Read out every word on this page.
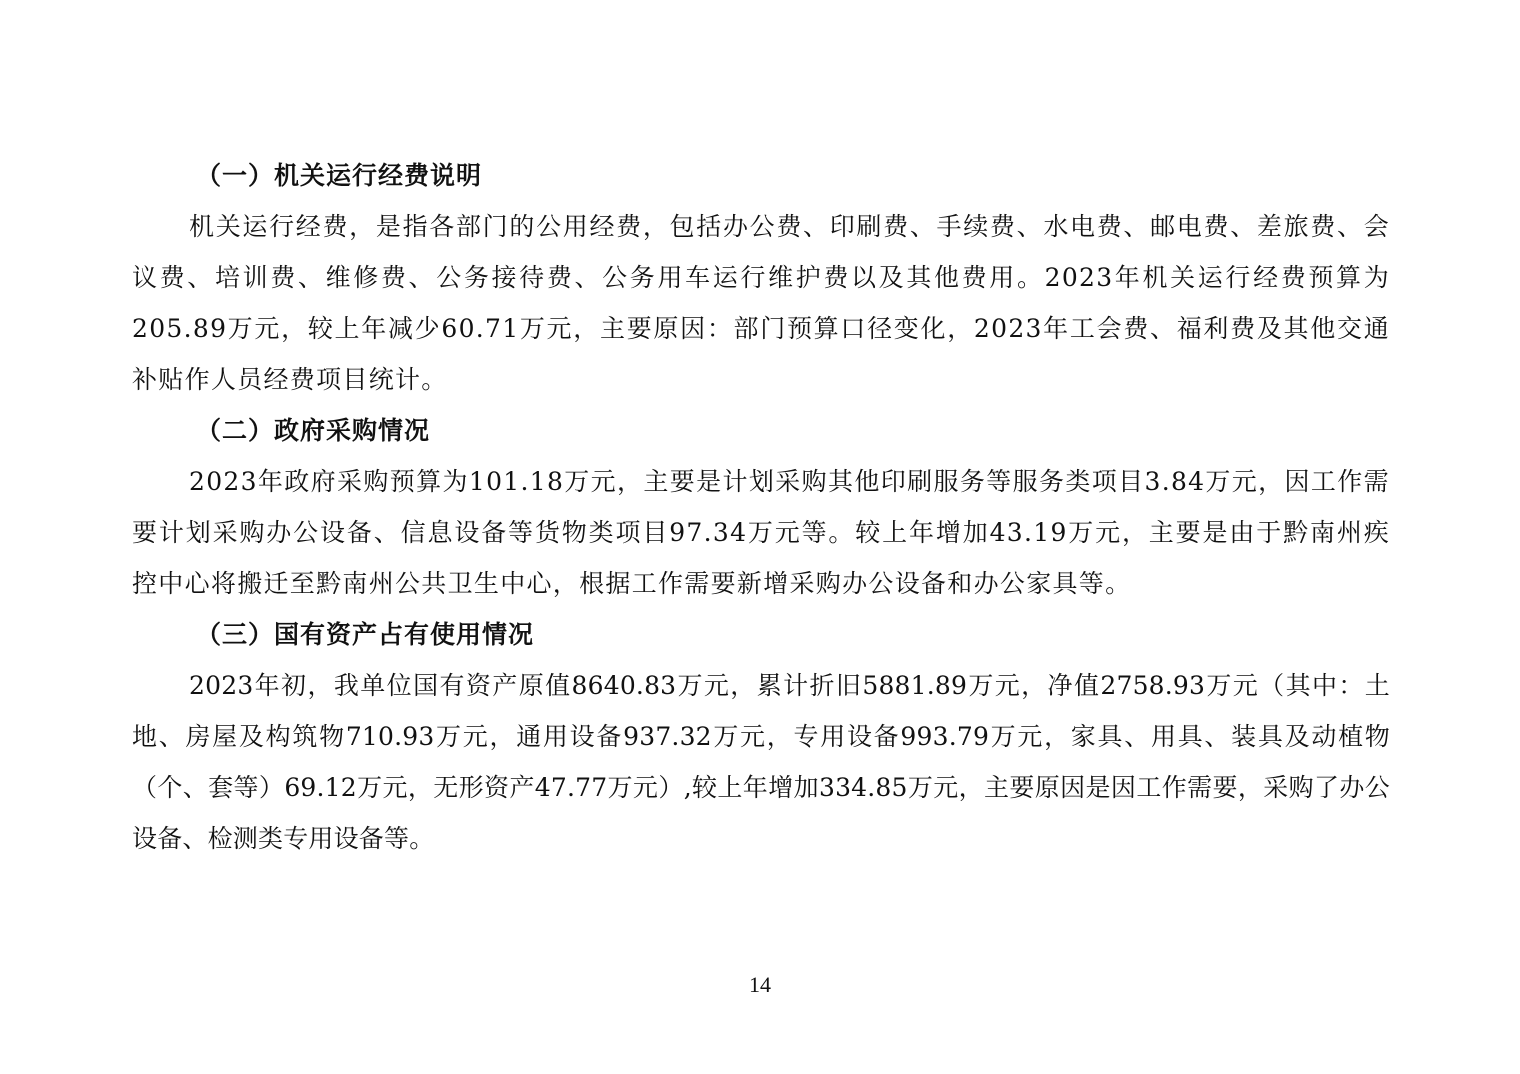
（一）机关运行经费说明

机关运行经费，是指各部门的公用经费，包括办公费、印刷费、手续费、水电费、邮电费、差旅费、会议费、培训费、维修费、公务接待费、公务用车运行维护费以及其他费用。2023年机关运行经费预算为205.89万元，较上年减少60.71万元，主要原因：部门预算口径变化，2023年工会费、福利费及其他交通补贴作人员经费项目统计。

（二）政府采购情况

2023年政府采购预算为101.18万元，主要是计划采购其他印刷服务等服务类项目3.84万元，因工作需要计划采购办公设备、信息设备等货物类项目97.34万元等。较上年增加43.19万元，主要是由于黔南州疾控中心将搬迁至黔南州公共卫生中心，根据工作需要新增采购办公设备和办公家具等。

（三）国有资产占有使用情况

2023年初，我单位国有资产原值8640.83万元，累计折旧5881.89万元，净值2758.93万元（其中：土地、房屋及构筑物710.93万元，通用设备937.32万元，专用设备993.79万元，家具、用具、装具及动植物（个、套等）69.12万元，无形资产47.77万元）,较上年增加334.85万元，主要原因是因工作需要，采购了办公设备、检测类专用设备等。

14
